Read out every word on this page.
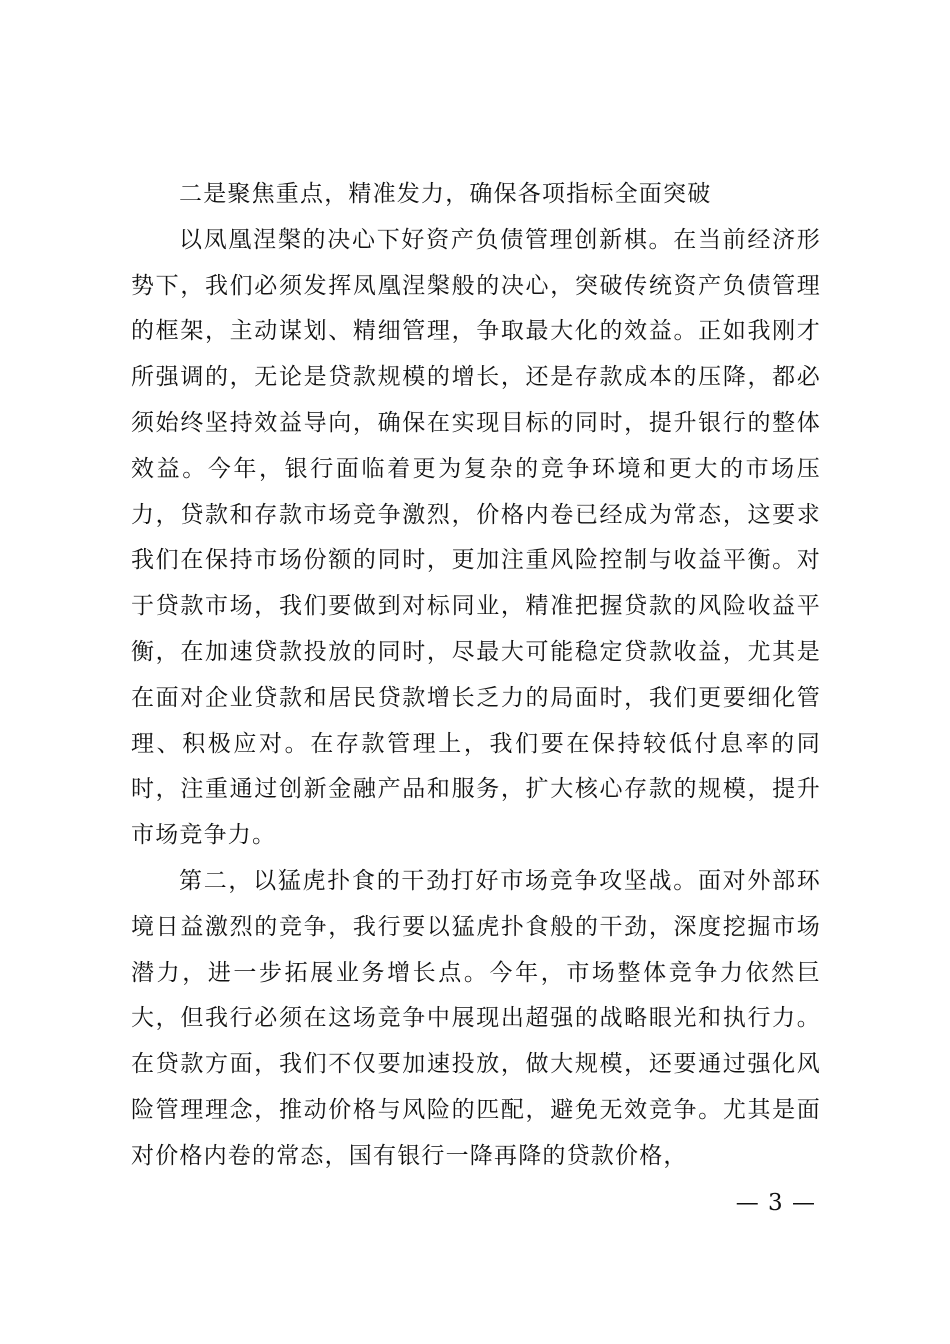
二是聚焦重点，精准发力，确保各项指标全面突破

以凤凰涅槃的决心下好资产负债管理创新棋。在当前经济形势下，我们必须发挥凤凰涅槃般的决心，突破传统资产负债管理的框架，主动谋划、精细管理，争取最大化的效益。正如我刚才所强调的，无论是贷款规模的增长，还是存款成本的压降，都必须始终坚持效益导向，确保在实现目标的同时，提升银行的整体效益。今年，银行面临着更为复杂的竞争环境和更大的市场压力，贷款和存款市场竞争激烈，价格内卷已经成为常态，这要求我们在保持市场份额的同时，更加注重风险控制与收益平衡。对于贷款市场，我们要做到对标同业，精准把握贷款的风险收益平衡，在加速贷款投放的同时，尽最大可能稳定贷款收益，尤其是在面对企业贷款和居民贷款增长乏力的局面时，我们更要细化管理、积极应对。在存款管理上，我们要在保持较低付息率的同时，注重通过创新金融产品和服务，扩大核心存款的规模，提升市场竞争力。

第二，以猛虎扑食的干劲打好市场竞争攻坚战。面对外部环境日益激烈的竞争，我行要以猛虎扑食般的干劲，深度挖掘市场潜力，进一步拓展业务增长点。今年，市场整体竞争力依然巨大，但我行必须在这场竞争中展现出超强的战略眼光和执行力。在贷款方面，我们不仅要加速投放，做大规模，还要通过强化风险管理理念，推动价格与风险的匹配，避免无效竞争。尤其是面对价格内卷的常态，国有银行一降再降的贷款价格，

— 3 —
